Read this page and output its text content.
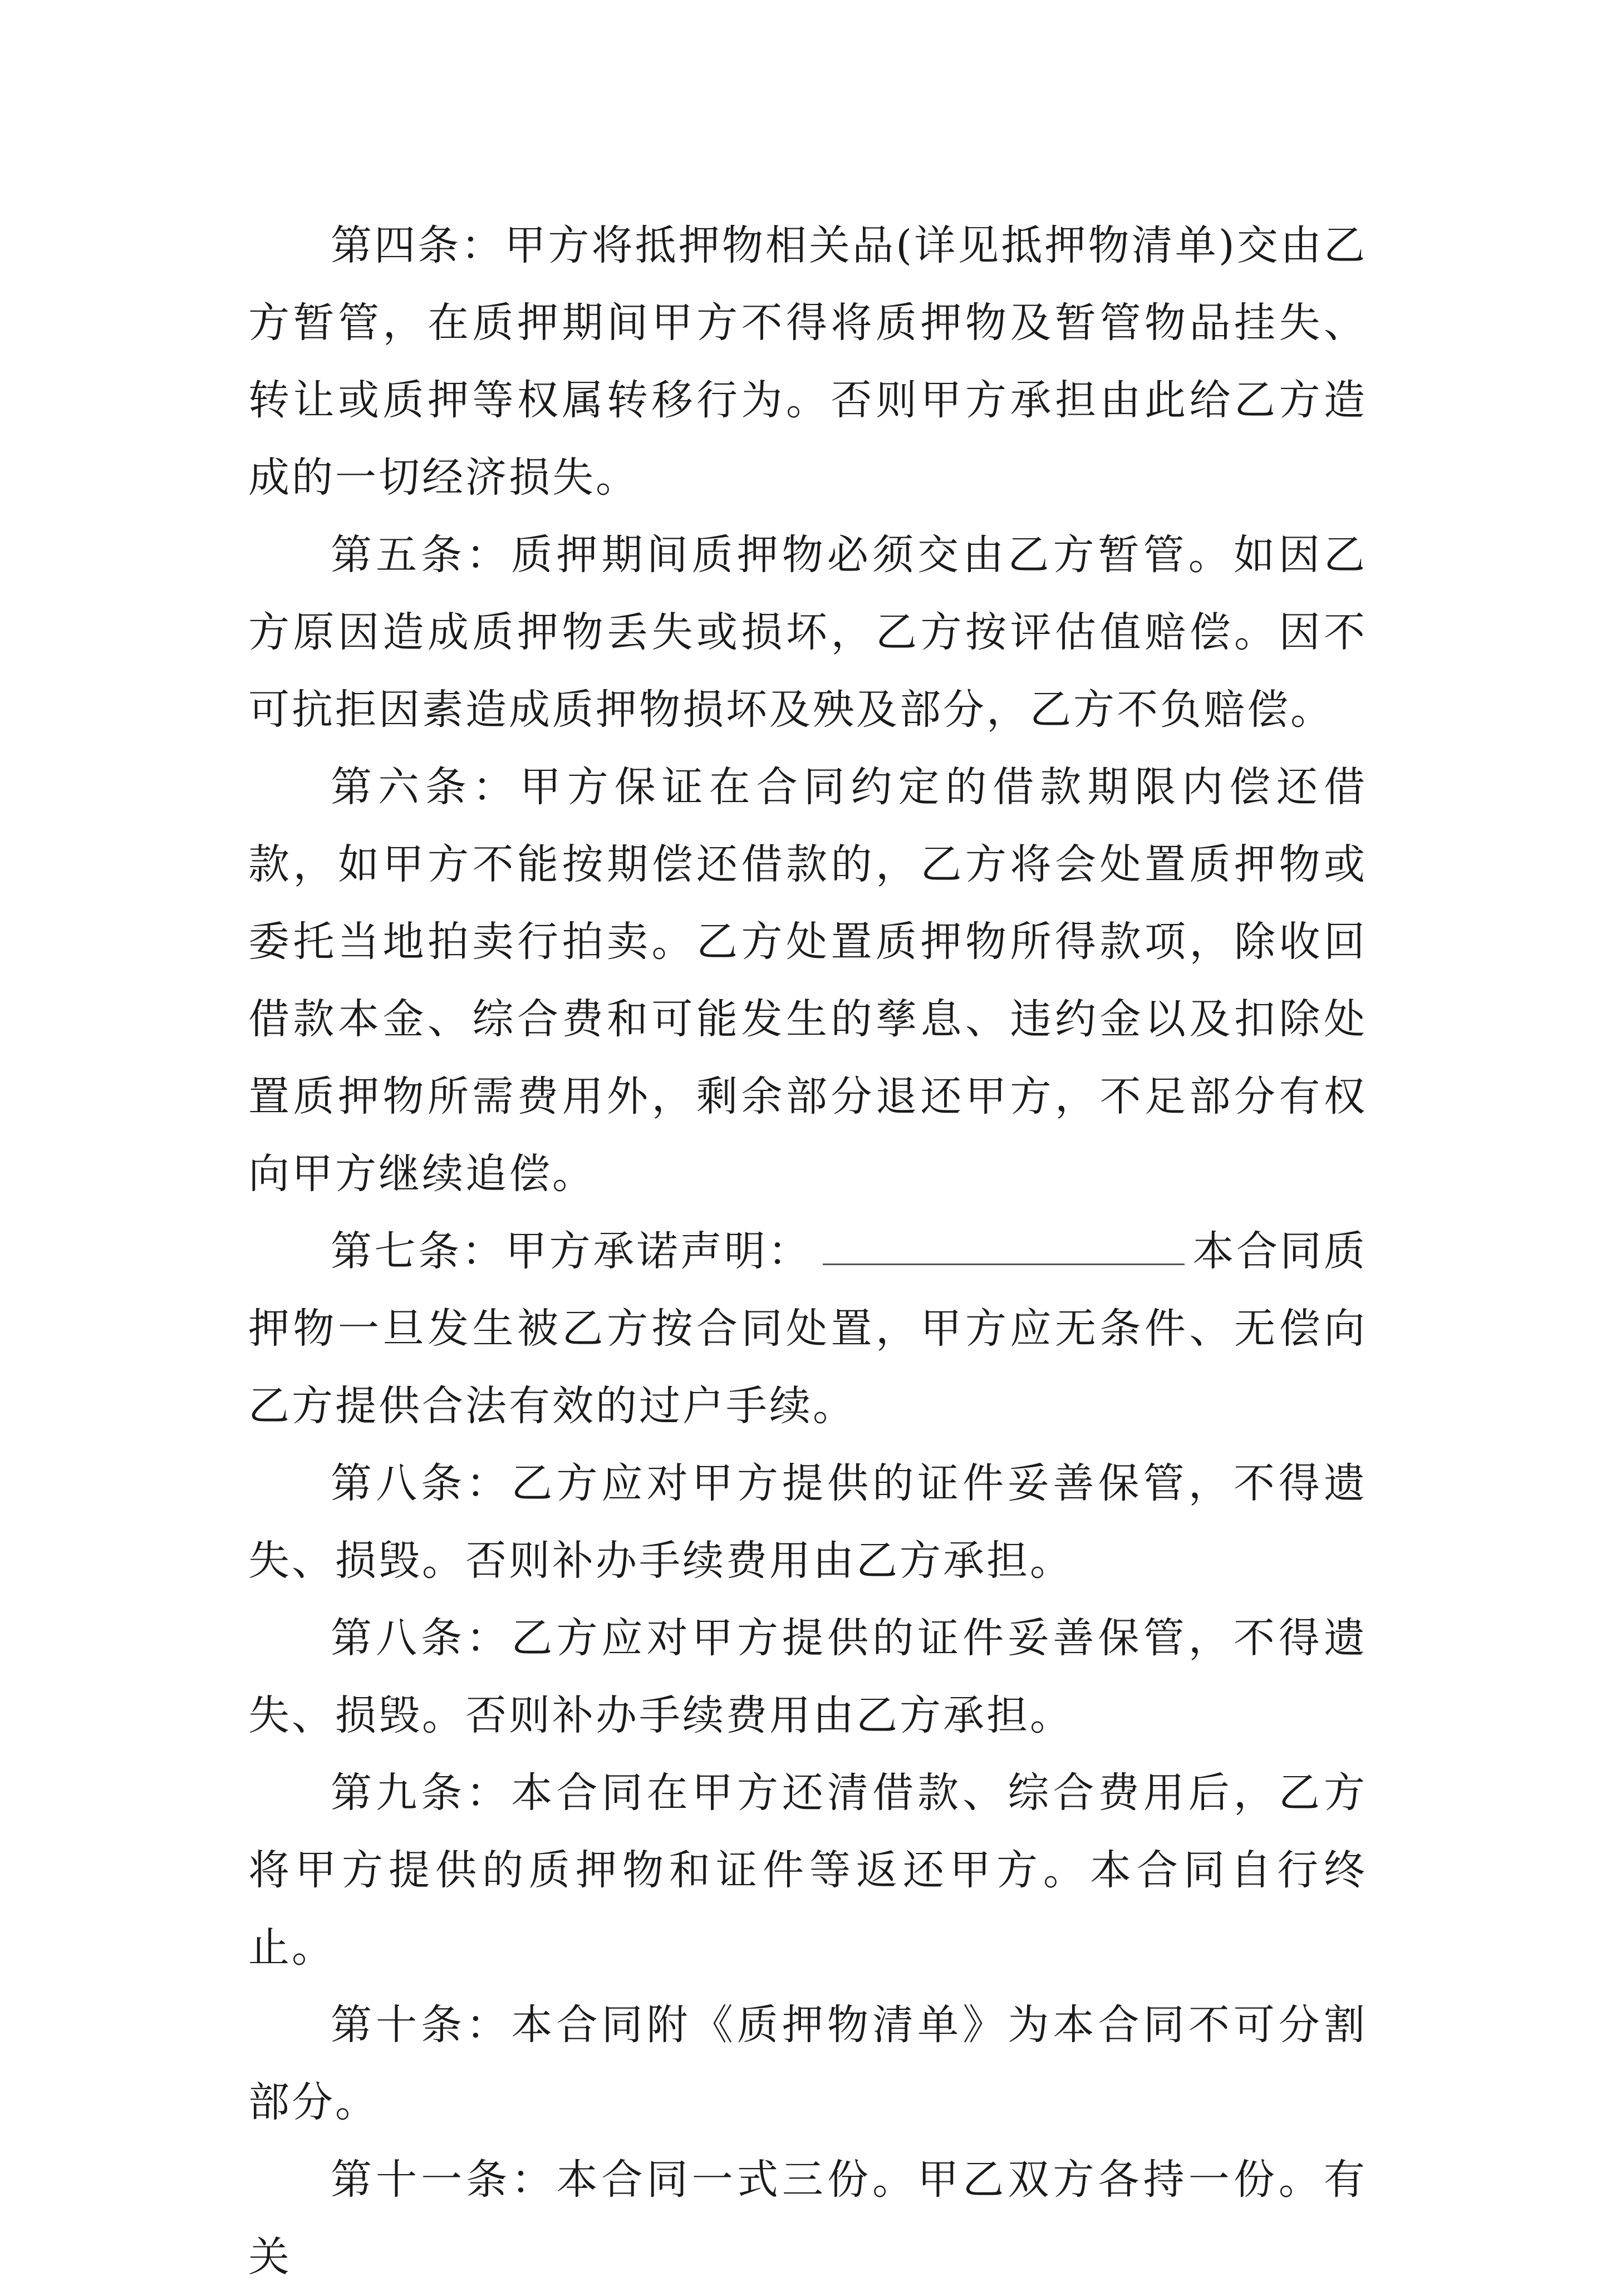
第四条：甲方将抵押物相关品(详见抵押物清单)交由乙方暂管，在质押期间甲方不得将质押物及暂管物品挂失、转让或质押等权属转移行为。否则甲方承担由此给乙方造成的一切经济损失。

第五条：质押期间质押物必须交由乙方暂管。如因乙方原因造成质押物丢失或损坏，乙方按评估值赔偿。因不可抗拒因素造成质押物损坏及殃及部分，乙方不负赔偿。

第六条：甲方保证在合同约定的借款期限内偿还借款，如甲方不能按期偿还借款的，乙方将会处置质押物或委托当地拍卖行拍卖。乙方处置质押物所得款项，除收回借款本金、综合费和可能发生的孳息、违约金以及扣除处置质押物所需费用外，剩余部分退还甲方，不足部分有权向甲方继续追偿。

第七条：甲方承诺声明：	本合同质押物一旦发生被乙方按合同处置，甲方应无条件、无偿向乙方提供合法有效的过户手续。

第八条：乙方应对甲方提供的证件妥善保管，不得遗失、损毁。否则补办手续费用由乙方承担。

第八条：乙方应对甲方提供的证件妥善保管，不得遗失、损毁。否则补办手续费用由乙方承担。

第九条：本合同在甲方还清借款、综合费用后，乙方将甲方提供的质押物和证件等返还甲方。本合同自行终止。

第十条：本合同附《质押物清单》为本合同不可分割部分。

第十一条：本合同一式三份。甲乙双方各持一份。有关
